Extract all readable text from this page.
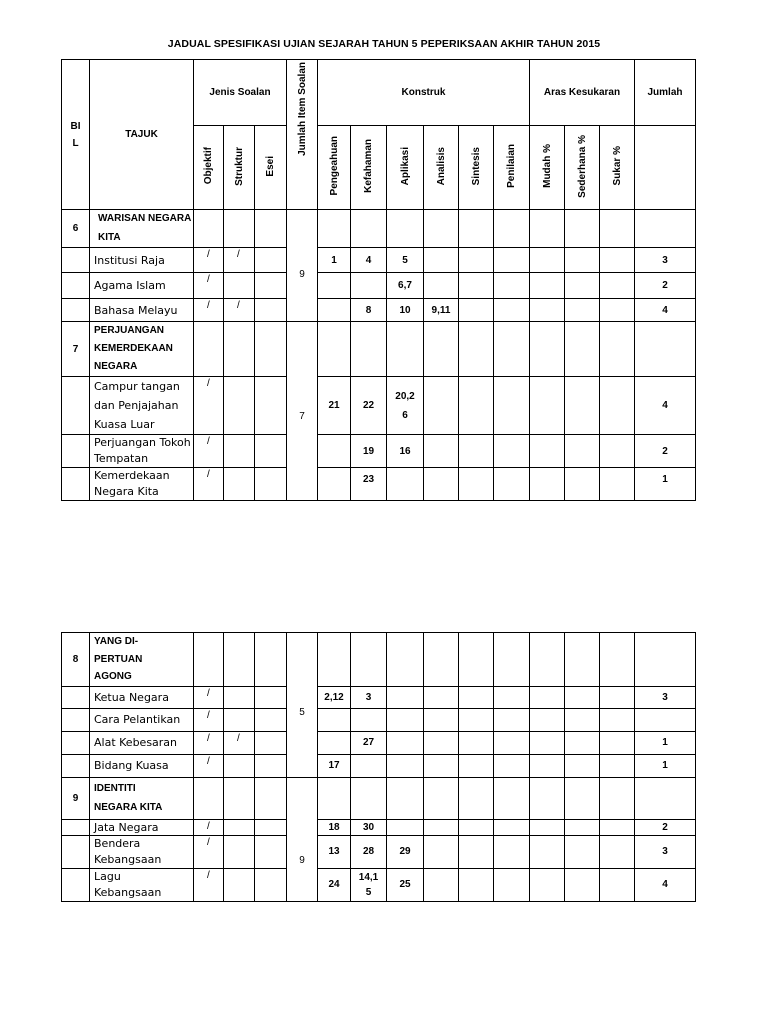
JADUAL SPESIFIKASI UJIAN SEJARAH TAHUN 5 PEPERIKSAAN AKHIR TAHUN 2015
BI L	TAJUK	Jenis Soalan			Jumlah Item Soalan	Konstruk						Aras Kesukaran			Jumlah
		Objektif	Struktur	Esei		Pengeahuan	Kefahaman	Aplikasi	Analisis	Sintesis	Penilaian	Mudah %	Sederhana %	Sukar %	
6	WARISAN NEGARA KITA				9										
	Institusi Raja	/	/			1	4	5							3
	Agama Islam	/						6,7							2
	Bahasa Melayu	/	/				8	10	9,11						4
7	PERJUANGAN KEMERDEKAAN NEGARA				7										
	Campur tangan dan Penjajahan Kuasa Luar	/				21	22	20,2 6							4
	Perjuangan Tokoh Tempatan	/					19	16							2
	Kemerdekaan Negara Kita	/					23								1
8	YANG DI-PERTUAN AGONG				5										
	Ketua Negara	/				2,12	3								3
	Cara Pelantikan	/													
	Alat Kebesaran	/	/				27								1
	Bidang Kuasa	/				17									1
9	IDENTITI NEGARA KITA				9										
	Jata Negara	/				18	30								2
	Bendera Kebangsaan	/				13	28	29							3

	Lagu Kebangsaan	/				24	14,1 5	25							4
